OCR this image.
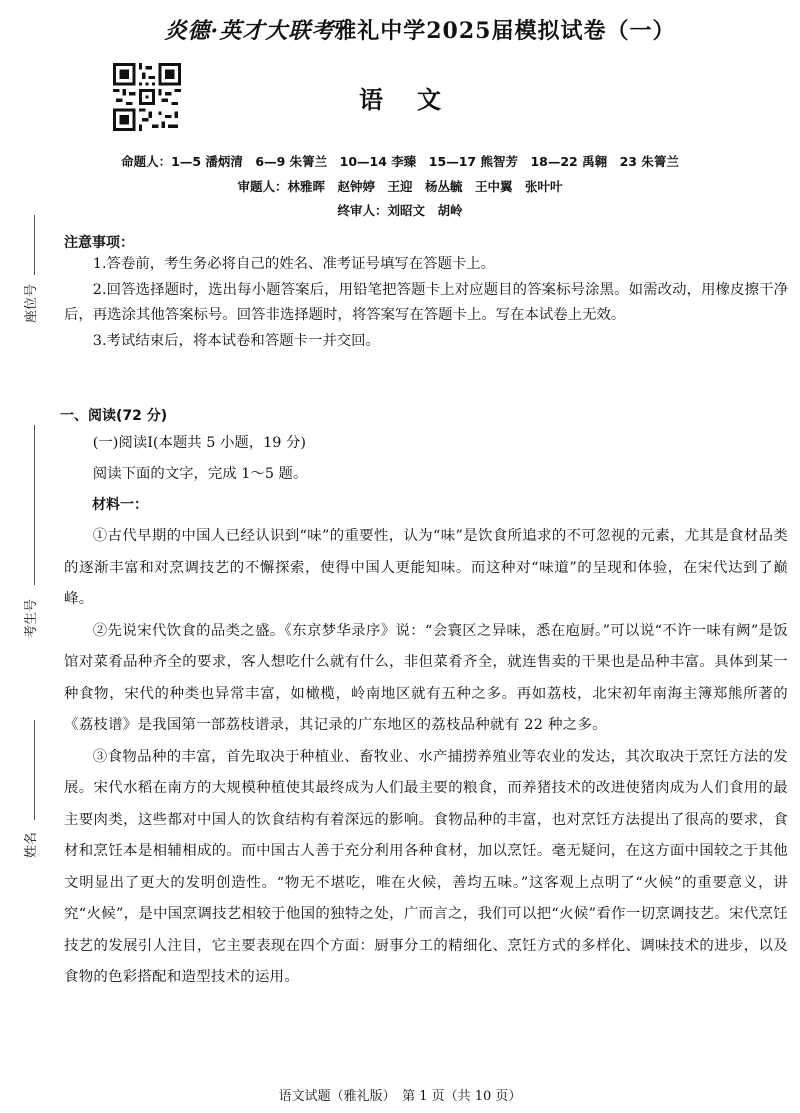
炎德·英才大联考雅礼中学2025届模拟试卷（一）
语文
命题人：1—5 潘炳清　6—9 朱箐兰　10—14 李臻　15—17 熊智芳　18—22 禹翱　23 朱箐兰
审题人：林雅晖　赵钟婷　王迎　杨丛毓　王中翼　张叶叶
终审人：刘昭文　胡岭
座位号
考生号
姓名
注意事项：

1.答卷前，考生务必将自己的姓名、准考证号填写在答题卡上。

2.回答选择题时，选出每小题答案后，用铅笔把答题卡上对应题目的答案标号涂黑。如需改动，用橡皮擦干净后，再选涂其他答案标号。回答非选择题时，将答案写在答题卡上。写在本试卷上无效。

3.考试结束后，将本试卷和答题卡一并交回。

一、阅读(72 分)
(一)阅读Ⅰ(本题共 5 小题，19 分)
阅读下面的文字，完成 1～5 题。
材料一：

①古代早期的中国人已经认识到“味”的重要性，认为“味”是饮食所追求的不可忽视的元素，尤其是食材品类的逐渐丰富和对烹调技艺的不懈探索，使得中国人更能知味。而这种对“味道”的呈现和体验，在宋代达到了巅峰。

②先说宋代饮食的品类之盛。《东京梦华录序》说：“会寰区之异味，悉在庖厨。”可以说“不许一味有阙”是饭馆对菜肴品种齐全的要求，客人想吃什么就有什么，非但菜肴齐全，就连售卖的干果也是品种丰富。具体到某一种食物，宋代的种类也异常丰富，如橄榄，岭南地区就有五种之多。再如荔枝，北宋初年南海主簿郑熊所著的《荔枝谱》是我国第一部荔枝谱录，其记录的广东地区的荔枝品种就有 22 种之多。

③食物品种的丰富，首先取决于种植业、畜牧业、水产捕捞养殖业等农业的发达，其次取决于烹饪方法的发展。宋代水稻在南方的大规模种植使其最终成为人们最主要的粮食，而养猪技术的改进使猪肉成为人们食用的最主要肉类，这些都对中国人的饮食结构有着深远的影响。食物品种的丰富，也对烹饪方法提出了很高的要求，食材和烹饪本是相辅相成的。而中国古人善于充分利用各种食材，加以烹饪。毫无疑问，在这方面中国较之于其他文明显出了更大的发明创造性。“物无不堪吃，唯在火候，善均五味。”这客观上点明了“火候”的重要意义，讲究“火候”，是中国烹调技艺相较于他国的独特之处，广而言之，我们可以把“火候”看作一切烹调技艺。宋代烹饪技艺的发展引人注目，它主要表现在四个方面：厨事分工的精细化、烹饪方式的多样化、调味技术的进步，以及食物的色彩搭配和造型技术的运用。

语文试题（雅礼版）　第 1 页（共 10 页）
